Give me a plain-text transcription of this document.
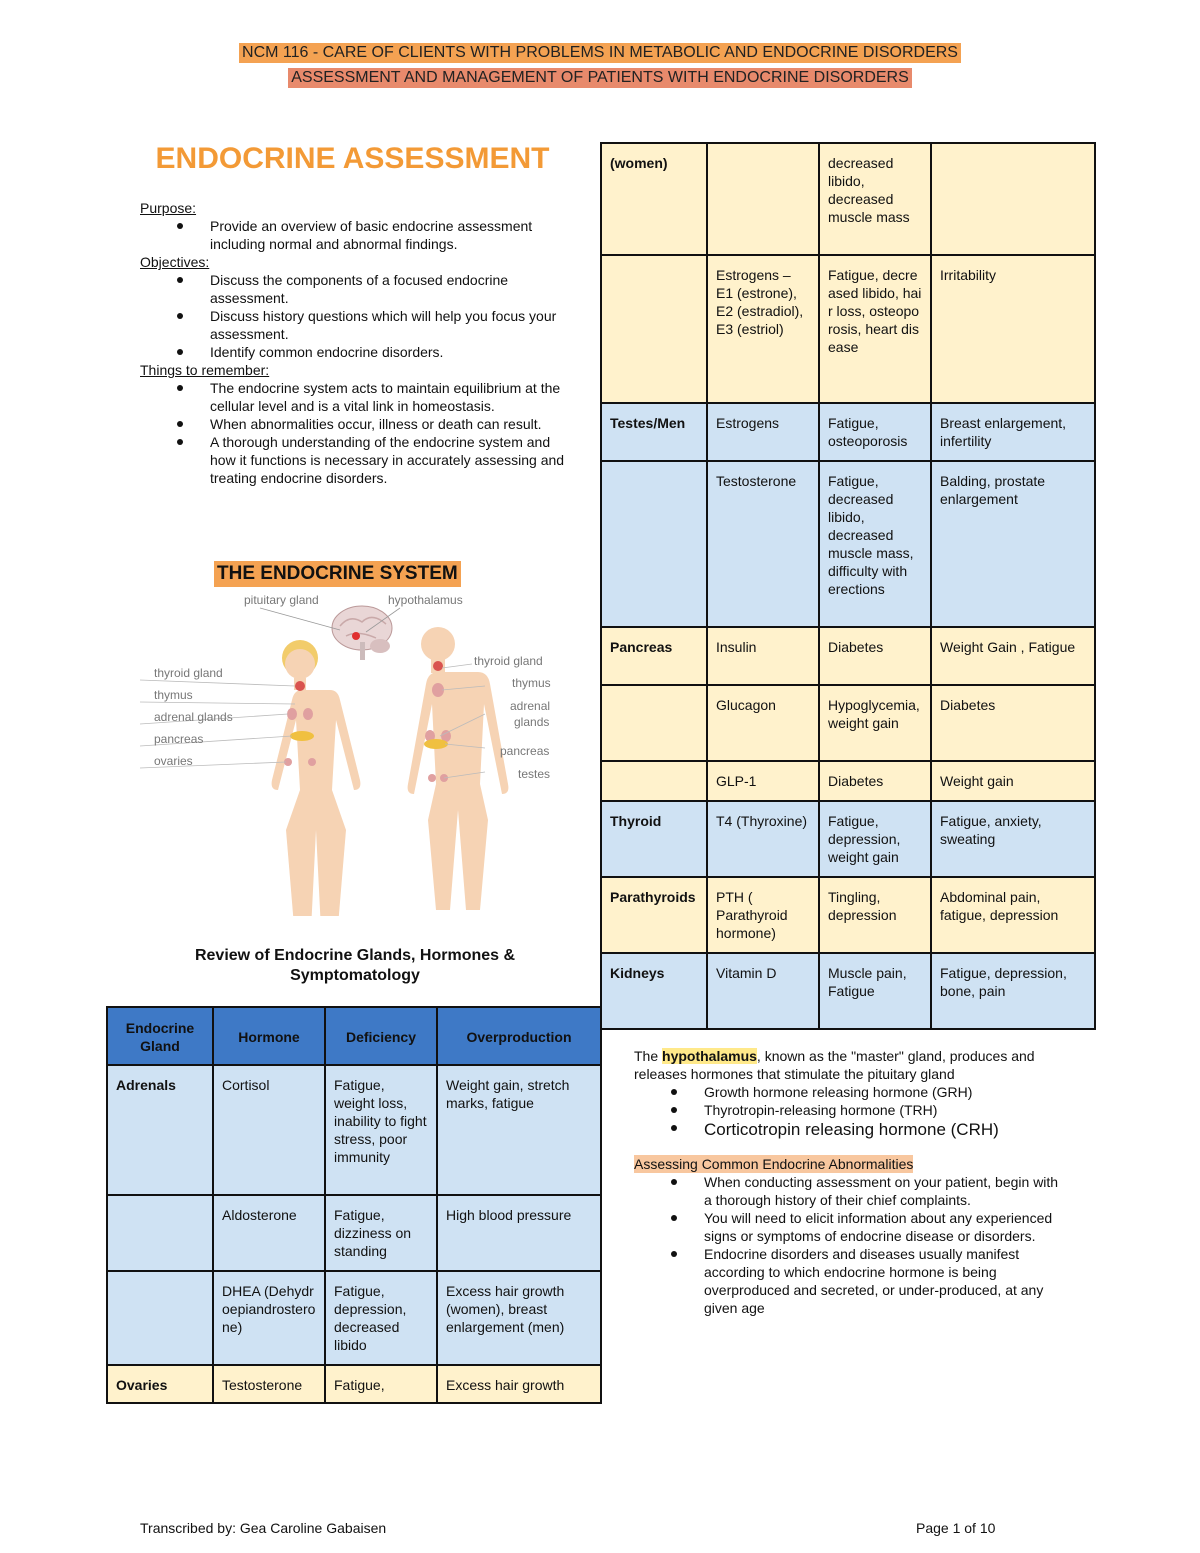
NCM 116 - CARE OF CLIENTS WITH PROBLEMS IN METABOLIC AND ENDOCRINE DISORDERS
ASSESSMENT AND MANAGEMENT OF PATIENTS WITH ENDOCRINE DISORDERS
ENDOCRINE ASSESSMENT

Purpose:

Provide an overview of basic endocrine assessment including normal and abnormal findings.

Objectives:

Discuss the components of a focused endocrine assessment.
Discuss history questions which will help you focus your assessment.
Identify common endocrine disorders.

Things to remember:

The endocrine system acts to maintain equilibrium at the cellular level and is a vital link in homeostasis.
When abnormalities occur, illness or death can result.
A thorough understanding of the endocrine system and how it functions is necessary in accurately assessing and treating endocrine disorders.
THE ENDOCRINE SYSTEM
pituitary gland	hypothalamus
thyroid gland
thymus
adrenal glands
pancreas
ovaries
thyroid gland
thymus
adrenal
glands
pancreas
testes
Review of Endocrine Glands, Hormones & Symptomatology
Endocrine Gland	Hormone	Deficiency	Overproduction
Adrenals	Cortisol	Fatigue, weight loss, inability to fight stress, poor immunity	Weight gain, stretch marks, fatigue
	Aldosterone	Fatigue, dizziness on standing	High blood pressure
	DHEA (Dehydroepiandrosterone)	Fatigue, depression, decreased libido	Excess hair growth (women), breast enlargement (men)
Ovaries	Testosterone	Fatigue,	Excess hair growth
(women)		decreased libido, decreased muscle mass	
	Estrogens – E1 (estrone), E2 (estradiol), E3 (estriol)	Fatigue, decreased libido, hair loss, osteoporosis, heart disease	Irritability
Testes/Men	Estrogens	Fatigue, osteoporosis	Breast enlargement, infertility
	Testosterone	Fatigue, decreased libido, decreased muscle mass, difficulty with erections	Balding, prostate enlargement
Pancreas	Insulin	Diabetes	Weight Gain , Fatigue
	Glucagon	Hypoglycemia, weight gain	Diabetes
	GLP-1	Diabetes	Weight gain
Thyroid	T4 (Thyroxine)	Fatigue, depression, weight gain	Fatigue, anxiety, sweating
Parathyroids	PTH ( Parathyroid hormone)	Tingling, depression	Abdominal pain, fatigue, depression
Kidneys	Vitamin D	Muscle pain, Fatigue	Fatigue, depression, bone, pain
The hypothalamus, known as the "master" gland, produces and releases hormones that stimulate the pituitary gland
Growth hormone releasing hormone (GRH)
Thyrotropin-releasing hormone (TRH)
Corticotropin releasing hormone (CRH)
Assessing Common Endocrine Abnormalities
When conducting assessment on your patient, begin with a thorough history of their chief complaints.
You will need to elicit information about any experienced signs or symptoms of endocrine disease or disorders.
Endocrine disorders and diseases usually manifest according to which endocrine hormone is being overproduced and secreted, or under-produced, at any given age
Transcribed by: Gea Caroline Gabaisen	Page 1 of 10
